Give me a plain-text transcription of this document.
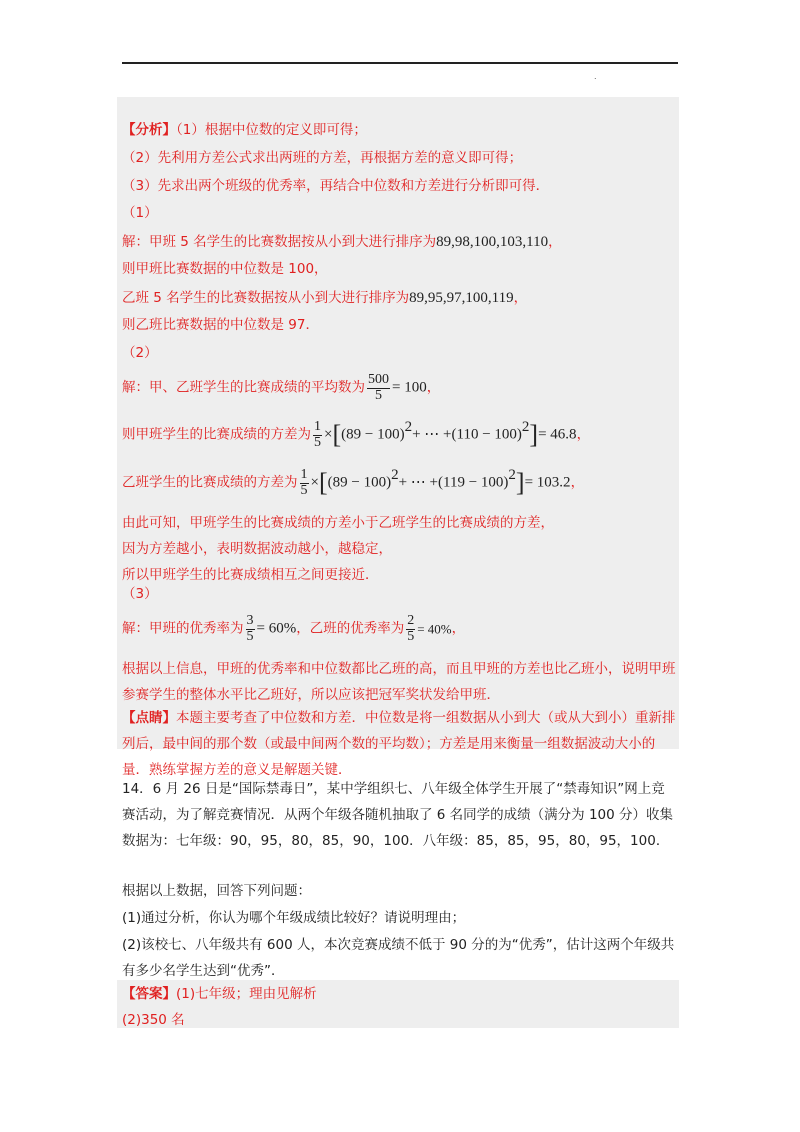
.
【分析】（1）根据中位数的定义即可得；
（2）先利用方差公式求出两班的方差，再根据方差的意义即可得；
（3）先求出两个班级的优秀率，再结合中位数和方差进行分析即可得．
（1）
解：甲班 5 名学生的比赛数据按从小到大进行排序为89,98,100,103,110，
则甲班比赛数据的中位数是 100，
乙班 5 名学生的比赛数据按从小到大进行排序为89,95,97,100,119，
则乙班比赛数据的中位数是 97．
（2）
解：甲、乙班学生的比赛成绩的平均数为 $\frac{500}{5} = 100$，
则甲班学生的比赛成绩的方差为 $\frac{1}{5} \times[(89 - 100)^2+$ ⋯ $+(110 - 100)^2]= 46.8$，
乙班学生的比赛成绩的方差为 $\frac{1}{5} \times[(89 - 100)^2+$ ⋯ $+(119 - 100)^2]= 103.2$，
由此可知，甲班学生的比赛成绩的方差小于乙班学生的比赛成绩的方差，
因为方差越小，表明数据波动越小，越稳定，
所以甲班学生的比赛成绩相互之间更接近．
（3）
解：甲班的优秀率为 $\frac{3}{5} = 60\%$，乙班的优秀率为 $\frac{2}{5} = 40\%$，
根据以上信息，甲班的优秀率和中位数都比乙班的高，而且甲班的方差也比乙班小，说明甲班参赛学生的整体水平比乙班好，所以应该把冠军奖状发给甲班．
【点睛】本题主要考查了中位数和方差．中位数是将一组数据从小到大（或从大到小）重新排列后，最中间的那个数（或最中间两个数的平均数）；方差是用来衡量一组数据波动大小的量．熟练掌握方差的意义是解题关键．
14．6 月 26 日是“国际禁毒日”，某中学组织七、八年级全体学生开展了“禁毒知识”网上竞赛活动，为了解竞赛情况．从两个年级各随机抽取了 6 名同学的成绩（满分为 100 分）收集数据为：七年级：90，95，80，85，90，100．八年级：85，85，95，80，95，100．
根据以上数据，回答下列问题：
(1)通过分析，你认为哪个年级成绩比较好？请说明理由；
(2)该校七、八年级共有 600 人，本次竞赛成绩不低于 90 分的为“优秀”，估计这两个年级共有多少名学生达到“优秀”．
【答案】(1)七年级；理由见解析
(2)350 名
